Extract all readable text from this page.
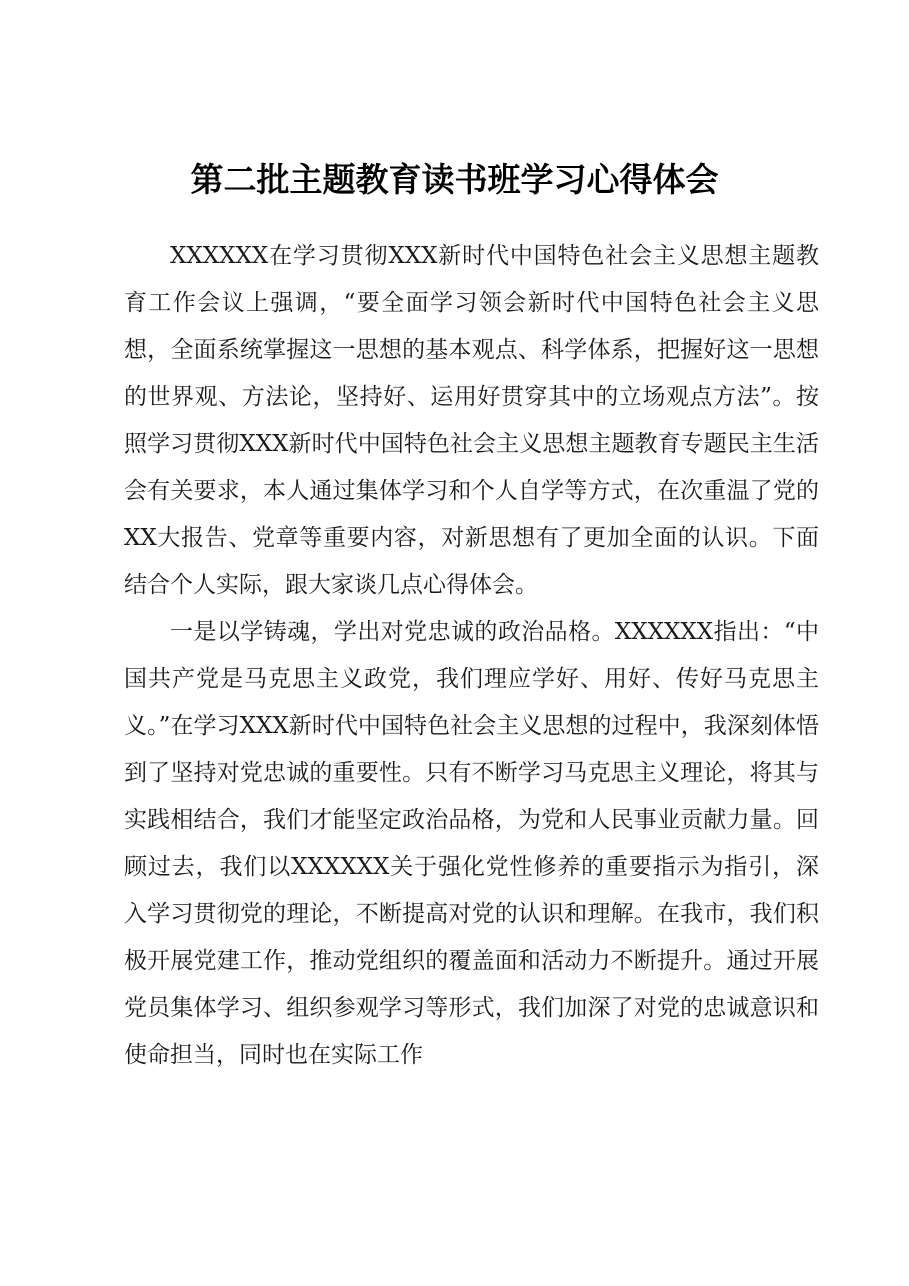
第二批主题教育读书班学习心得体会

XXXXXX在学习贯彻XXX新时代中国特色社会主义思想主题教育工作会议上强调，“要全面学习领会新时代中国特色社会主义思想，全面系统掌握这一思想的基本观点、科学体系，把握好这一思想的世界观、方法论，坚持好、运用好贯穿其中的立场观点方法”。按照学习贯彻XXX新时代中国特色社会主义思想主题教育专题民主生活会有关要求，本人通过集体学习和个人自学等方式，在次重温了党的XX大报告、党章等重要内容，对新思想有了更加全面的认识。下面结合个人实际，跟大家谈几点心得体会。

一是以学铸魂，学出对党忠诚的政治品格。XXXXXX指出：“中国共产党是马克思主义政党，我们理应学好、用好、传好马克思主义。”在学习XXX新时代中国特色社会主义思想的过程中，我深刻体悟到了坚持对党忠诚的重要性。只有不断学习马克思主义理论，将其与实践相结合，我们才能坚定政治品格，为党和人民事业贡献力量。回顾过去，我们以XXXXXX关于强化党性修养的重要指示为指引，深入学习贯彻党的理论，不断提高对党的认识和理解。在我市，我们积极开展党建工作，推动党组织的覆盖面和活动力不断提升。通过开展党员集体学习、组织参观学习等形式，我们加深了对党的忠诚意识和使命担当，同时也在实际工作
